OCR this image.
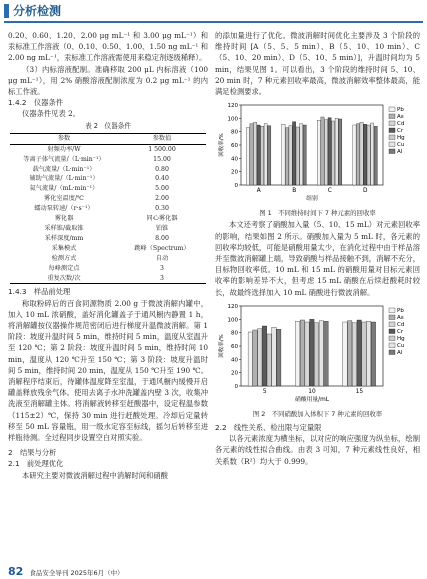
分析检测

0.20、0.60、1.20、2.00 μg mL⁻¹ 和 3.00 μg mL⁻¹）和汞标准工作溶液（0、0.10、0.50、1.00、1.50 ng mL⁻¹ 和 2.00 ng mL⁻¹，汞标准工作溶液需使用来稳定剂逐级稀释）。

（3）内标溶液配制。准确移取 200 μL 内标溶液（100 μg mL⁻¹），用 2% 硝酸溶液配制浓度为 0.2 μg mL⁻¹ 的内标工作液。

1.4.2　仪器条件

仪器条件见表 2。

表 2　仪器条件
参数	参数值
射频功率/W	1 500.00
等离子体气流量/（L·min⁻¹）	15.00
载气流量/（L·min⁻¹）	0.80
辅助气流量/（L·min⁻¹）	0.40
氦气流量/（mL·min⁻¹）	5.00
雾化室温度/℃	2.00
蠕动泵转速/（r·s⁻¹）	0.30
雾化器	同心雾化器
采样锥/截取锥	铂锥
采样深度/mm	8.00
采集模式	跳峰（Spectrum）
检测方式	自动
每峰测定点	3
重复次数/次	3

1.4.3　样品前处理

称取粉碎后的百食同源物质 2.00 g 于微波消解内罐中，加入 10 mL 浓硝酸，盖好消化罐盖子于通风橱内静置 1 h，将消解罐按仪器操作规范密闭后进行梯度升温微波消解。第 1 阶段：坡度升温时间 5 min，维持时间 5 min，温度从室温升至 120 ℃；第 2 阶段：坡度升温时间 5 min，维持时间 10 min，温度从 120 ℃升至 150 ℃；第 3 阶段：坡度升温时间 5 min，维持时间 20 min，温度从 150 ℃升至 190 ℃。消解程序结束后，待罐体温度降至室温，于通风橱内缓慢开启罐盖释放残余气体。使用去离子水冲洗罐盖内壁 3 次，收集冲洗液至消解罐主体。将消解液转移至赶酸器中，设定程温参数（115±2）℃，保持 30 min 进行赶酸处理。冷却后定量转移至 50 mL 容量瓶，用一级水定容至标线，摇匀后转移至进样瓶待测。全过程同步设置空白对照实验。

2　结果与分析

2.1　前处理优化

本研究主要对微波消解过程中消解时间和硝酸

的添加量进行了优化。微波消解时间优化主要涉及 3 个阶段的维持时间 [A（5、5、5 min）、B（5、10、10 min）、C（5、10、20 min）、D（5、10、5 min）]，升温时间均为 5 min，结果见图 1。可以看出，3 个阶段的维持时间 5、10、20 min 时，7 种元素回收率最高，微波消解效率整体最高，能满足检测要求。

0
20
40
60
80
100
120
回收率/%
A	B	C	D
组别
Pb
As
Cd
Cr
Hg
Cu
Al
图 1　不同维持时间下 7 种元素的回收率

本文还考察了硝酸加入量（5、10、15 mL）对元素回收率的影响，结果如图 2 所示。硝酸加入量为 5 mL 时，各元素的回收率均较低，可能是硝酸用量太少，在消化过程中由于样品溶并至微波消解罐上端，导致硝酸与样品接触不到，消解不充分，目标物回收率低。10 mL 和 15 mL 的硝酸用量对目标元素回收率的影响差异不大，但考虑 15 mL 硝酸在后续赶酸耗时较长，故最终选择加入 10 mL 硝酸进行微波消解。

0
20
40
60
80
100
120
回收率/%
5	10	15
硝酸用量/mL
Pb
As
Cd
Cr
Hg
Cu
Al
图 2　不同硝酸加入体积下 7 种元素的回收率

2.2　线性关系、检出限与定量限

以各元素浓度为横坐标，以对应的响应强度为纵坐标，绘制各元素的线性拟合曲线。由表 3 可知，7 种元素线性良好，相关系数（R²）均大于 0.999。

82 食品安全导刊 2025年6月（中）
